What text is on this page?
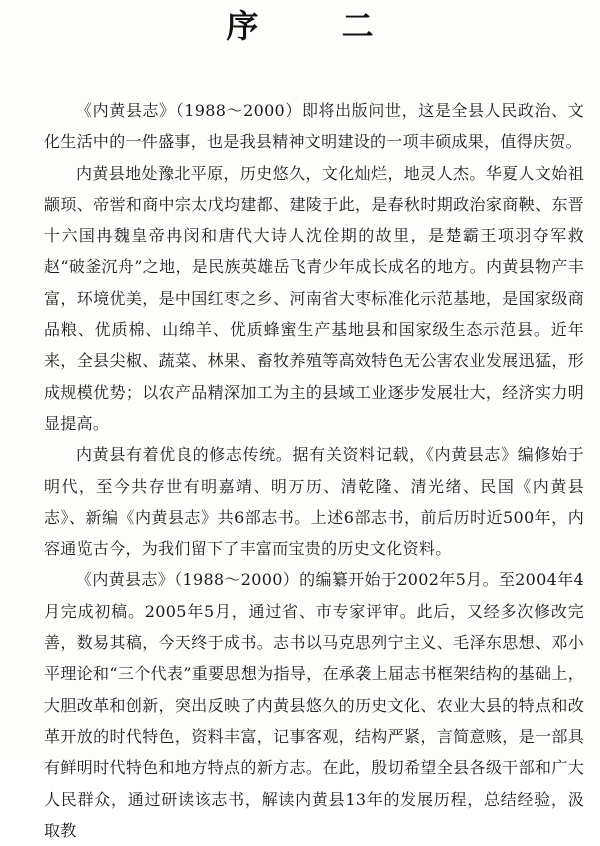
序 二

《内黄县志》（1988～2000）即将出版问世，这是全县人民政治、文化生活中的一件盛事，也是我县精神文明建设的一项丰硕成果，值得庆贺。

内黄县地处豫北平原，历史悠久，文化灿烂，地灵人杰。华夏人文始祖颛顼、帝喾和商中宗太戊均建都、建陵于此，是春秋时期政治家商鞅、东晋十六国冉魏皇帝冉闵和唐代大诗人沈佺期的故里，是楚霸王项羽夺军救赵“破釜沉舟”之地，是民族英雄岳飞青少年成长成名的地方。内黄县物产丰富，环境优美，是中国红枣之乡、河南省大枣标准化示范基地，是国家级商品粮、优质棉、山绵羊、优质蜂蜜生产基地县和国家级生态示范县。近年来，全县尖椒、蔬菜、林果、畜牧养殖等高效特色无公害农业发展迅猛，形成规模优势；以农产品精深加工为主的县域工业逐步发展壮大，经济实力明显提高。

内黄县有着优良的修志传统。据有关资料记载，《内黄县志》编修始于明代，至今共存世有明嘉靖、明万历、清乾隆、清光绪、民国《内黄县志》、新编《内黄县志》共6部志书。上述6部志书，前后历时近500年，内容通览古今，为我们留下了丰富而宝贵的历史文化资料。

《内黄县志》（1988～2000）的编纂开始于2002年5月。至2004年4月完成初稿。2005年5月，通过省、市专家评审。此后，又经多次修改完善，数易其稿，今天终于成书。志书以马克思列宁主义、毛泽东思想、邓小平理论和“三个代表”重要思想为指导，在承袭上届志书框架结构的基础上，大胆改革和创新，突出反映了内黄县悠久的历史文化、农业大县的特点和改革开放的时代特色，资料丰富，记事客观，结构严紧，言简意赅，是一部具有鲜明时代特色和地方特点的新方志。在此，殷切希望全县各级干部和广大人民群众，通过研读该志书，解读内黄县13年的发展历程，总结经验，汲取教
